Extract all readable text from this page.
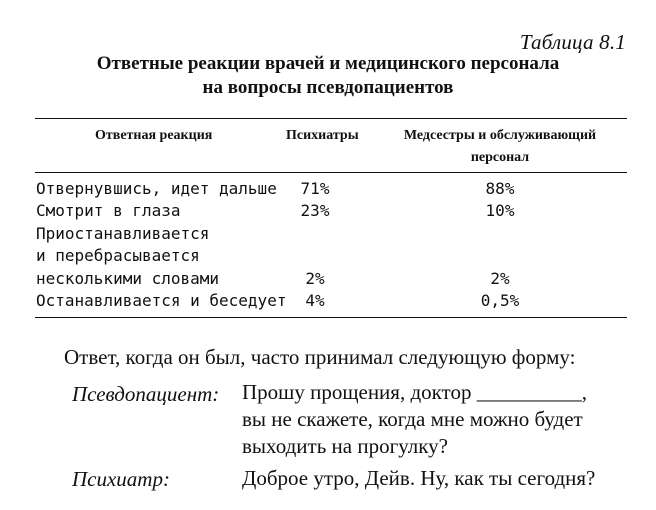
Таблица 8.1
Ответные реакции врачей и медицинского персонала
на вопросы псевдопациентов
Ответная реакция	Психиатры	Медсестры и обслуживающий персонал
Отвернувшись, идет дальше	71%	88%
Смотрит в глаза	23%	10%
Приостанавливается
и перебрасывается
несколькими словами	2%	2%
Останавливается и беседует	4%	0,5%
Ответ, когда он был, часто принимал следующую форму:
Псевдопациент: Прошу прощения, доктор __________,
вы не скажете, когда мне можно будет
выходить на прогулку?
Психиатр:	Доброе утро, Дейв. Ну, как ты сегодня?
